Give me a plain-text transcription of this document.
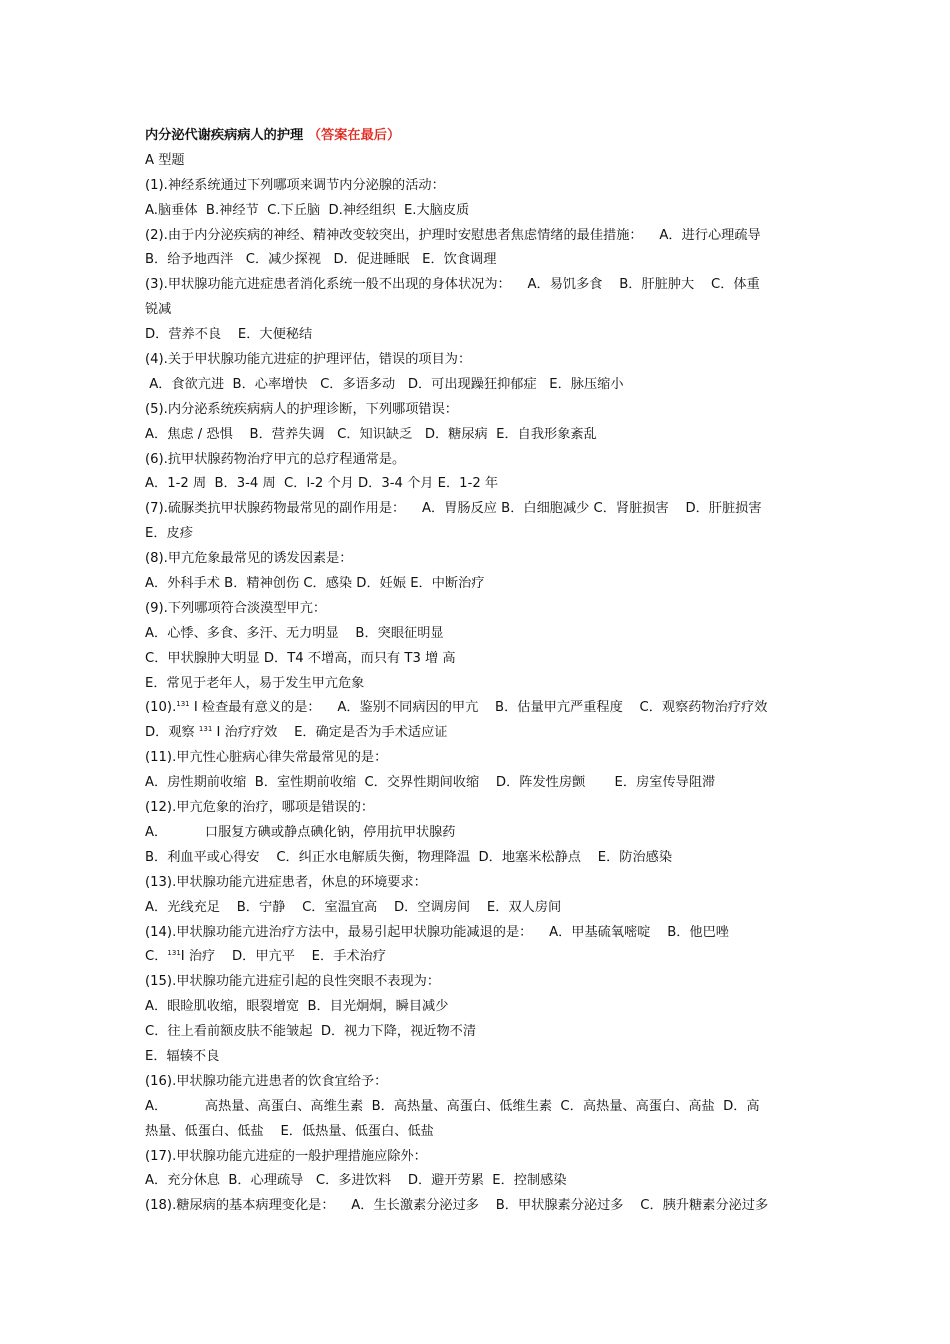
内分泌代谢疾病病人的护理 （答案在最后）
A 型题
(1).神经系统通过下列哪项来调节内分泌腺的活动：
A.脑垂体  B.神经节  C.下丘脑  D.神经组织  E.大脑皮质
(2).由于内分泌疾病的神经、精神改变较突出，护理时安慰患者焦虑情绪的最佳措施：    A．进行心理疏导
B．给予地西泮   C．减少探视   D．促进睡眠   E．饮食调理
(3).甲状腺功能亢进症患者消化系统一般不出现的身体状况为：    A．易饥多食    B．肝脏肿大    C．体重
锐减
D．营养不良    E．大便秘结
(4).关于甲状腺功能亢进症的护理评估，错误的项目为：
A．食欲亢进  B．心率增快   C．多语多动   D．可出现躁狂抑郁症   E．脉压缩小
(5).内分泌系统疾病病人的护理诊断，下列哪项错误：
A．焦虑 / 恐惧    B．营养失调   C．知识缺乏   D．糖尿病  E．自我形象紊乱
(6).抗甲状腺药物治疗甲亢的总疗程通常是。
A．1-2 周  B．3-4 周  C．l-2 个月 D．3-4 个月 E．1-2 年
(7).硫脲类抗甲状腺药物最常见的副作用是：    A．胃肠反应 B．白细胞减少 C．肾脏损害    D．肝脏损害
E．皮疹
(8).甲亢危象最常见的诱发因素是：
A．外科手术 B．精神创伤 C．感染 D．妊娠 E．中断治疗
(9).下列哪项符合淡漠型甲亢：
A．心悸、多食、多汗、无力明显    B．突眼征明显
C．甲状腺肿大明显 D．T4 不增高，而只有 T3 增 高
E．常见于老年人，易于发生甲亢危象
(10).$^{131}$ I 检查最有意义的是：    A．鉴别不同病因的甲亢    B．估量甲亢严重程度    C．观察药物治疗疗效
D．观察 $^{131}$ I 治疗疗效    E．确定是否为手术适应证
(11).甲亢性心脏病心律失常最常见的是：
A．房性期前收缩  B．室性期前收缩  C．交界性期间收缩    D．阵发性房颤       E．房室传导阻滞
(12).甲亢危象的治疗，哪项是错误的：
A．         口服复方碘或静点碘化钠，停用抗甲状腺药
B．利血平或心得安    C．纠正水电解质失衡，物理降温  D．地塞米松静点    E．防治感染
(13).甲状腺功能亢进症患者，休息的环境要求：
A．光线充足    B．宁静    C．室温宜高    D．空调房间    E．双人房间
(14).甲状腺功能亢进治疗方法中，最易引起甲状腺功能减退的是：    A．甲基硫氧嘧啶    B．他巴唑
C．$^{131}$I 治疗    D．甲亢平    E．手术治疗
(15).甲状腺功能亢进症引起的良性突眼不表现为：
A．眼睑肌收缩，眼裂增宽  B．目光炯炯，瞬目减少
C．往上看前额皮肤不能皱起  D．视力下降，视近物不清
E．辐辏不良
(16).甲状腺功能亢进患者的饮食宜给予：
A．         高热量、高蛋白、高维生素  B．高热量、高蛋白、低维生素  C．高热量、高蛋白、高盐  D．高
热量、低蛋白、低盐    E．低热量、低蛋白、低盐
(17).甲状腺功能亢进症的一般护理措施应除外：
A．充分休息  B．心理疏导   C．多进饮料    D．避开劳累  E．控制感染
(18).糖尿病的基本病理变化是：    A．生长激素分泌过多    B．甲状腺素分泌过多    C．胰升糖素分泌过多
